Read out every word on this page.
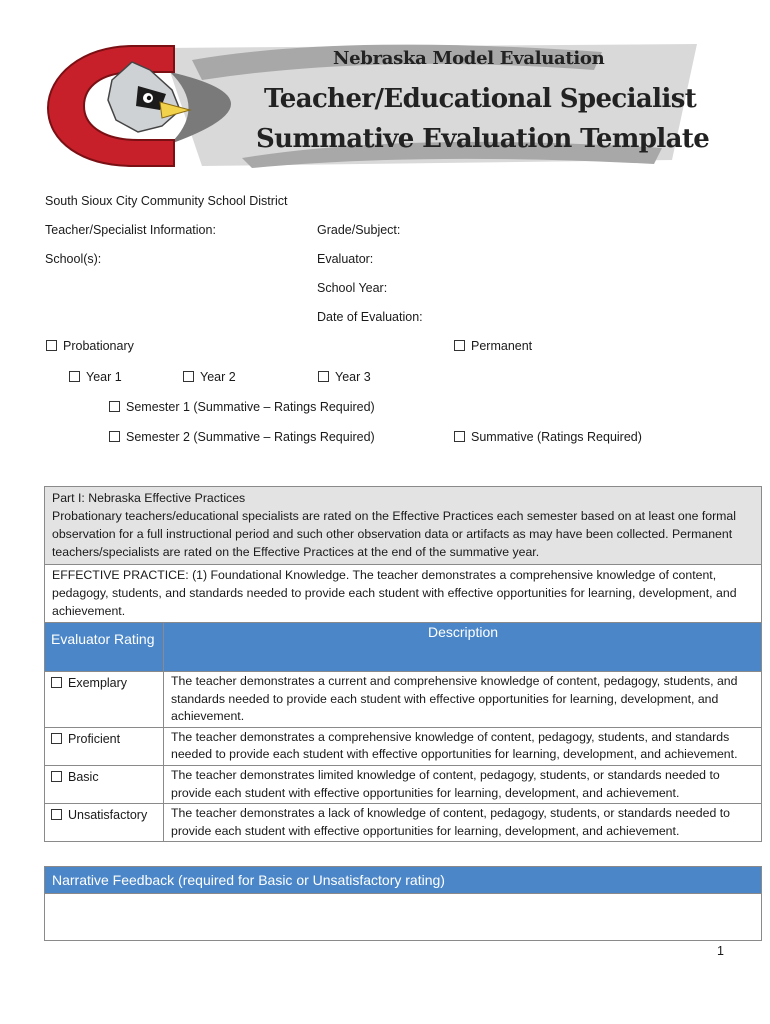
Nebraska Model Evaluation
Teacher/Educational Specialist
Summative Evaluation Template
South Sioux City Community School District
Teacher/Specialist Information:	Grade/Subject:
School(s):	Evaluator:
School Year:
Date of Evaluation:
Probationary	Permanent
Year 1	Year 2	Year 3
Semester 1 (Summative – Ratings Required)
Semester 2 (Summative – Ratings Required)	Summative (Ratings Required)
Part I: Nebraska Effective Practices
Probationary teachers/educational specialists are rated on the Effective Practices each semester based on at least one formal observation for a full instructional period and such other observation data or artifacts as may have been collected. Permanent teachers/specialists are rated on the Effective Practices at the end of the summative year.
EFFECTIVE PRACTICE: (1) Foundational Knowledge. The teacher demonstrates a comprehensive knowledge of content, pedagogy, students, and standards needed to provide each student with effective opportunities for learning, development, and achievement.
Evaluator Rating	Description
Exemplary	The teacher demonstrates a current and comprehensive knowledge of content, pedagogy, students, and standards needed to provide each student with effective opportunities for learning, development, and achievement.
Proficient	The teacher demonstrates a comprehensive knowledge of content, pedagogy, students, and standards needed to provide each student with effective opportunities for learning, development, and achievement.
Basic	The teacher demonstrates limited knowledge of content, pedagogy, students, or standards needed to provide each student with effective opportunities for learning, development, and achievement.
Unsatisfactory	The teacher demonstrates a lack of knowledge of content, pedagogy, students, or standards needed to provide each student with effective opportunities for learning, development, and achievement.
Narrative Feedback (required for Basic or Unsatisfactory rating)
1
